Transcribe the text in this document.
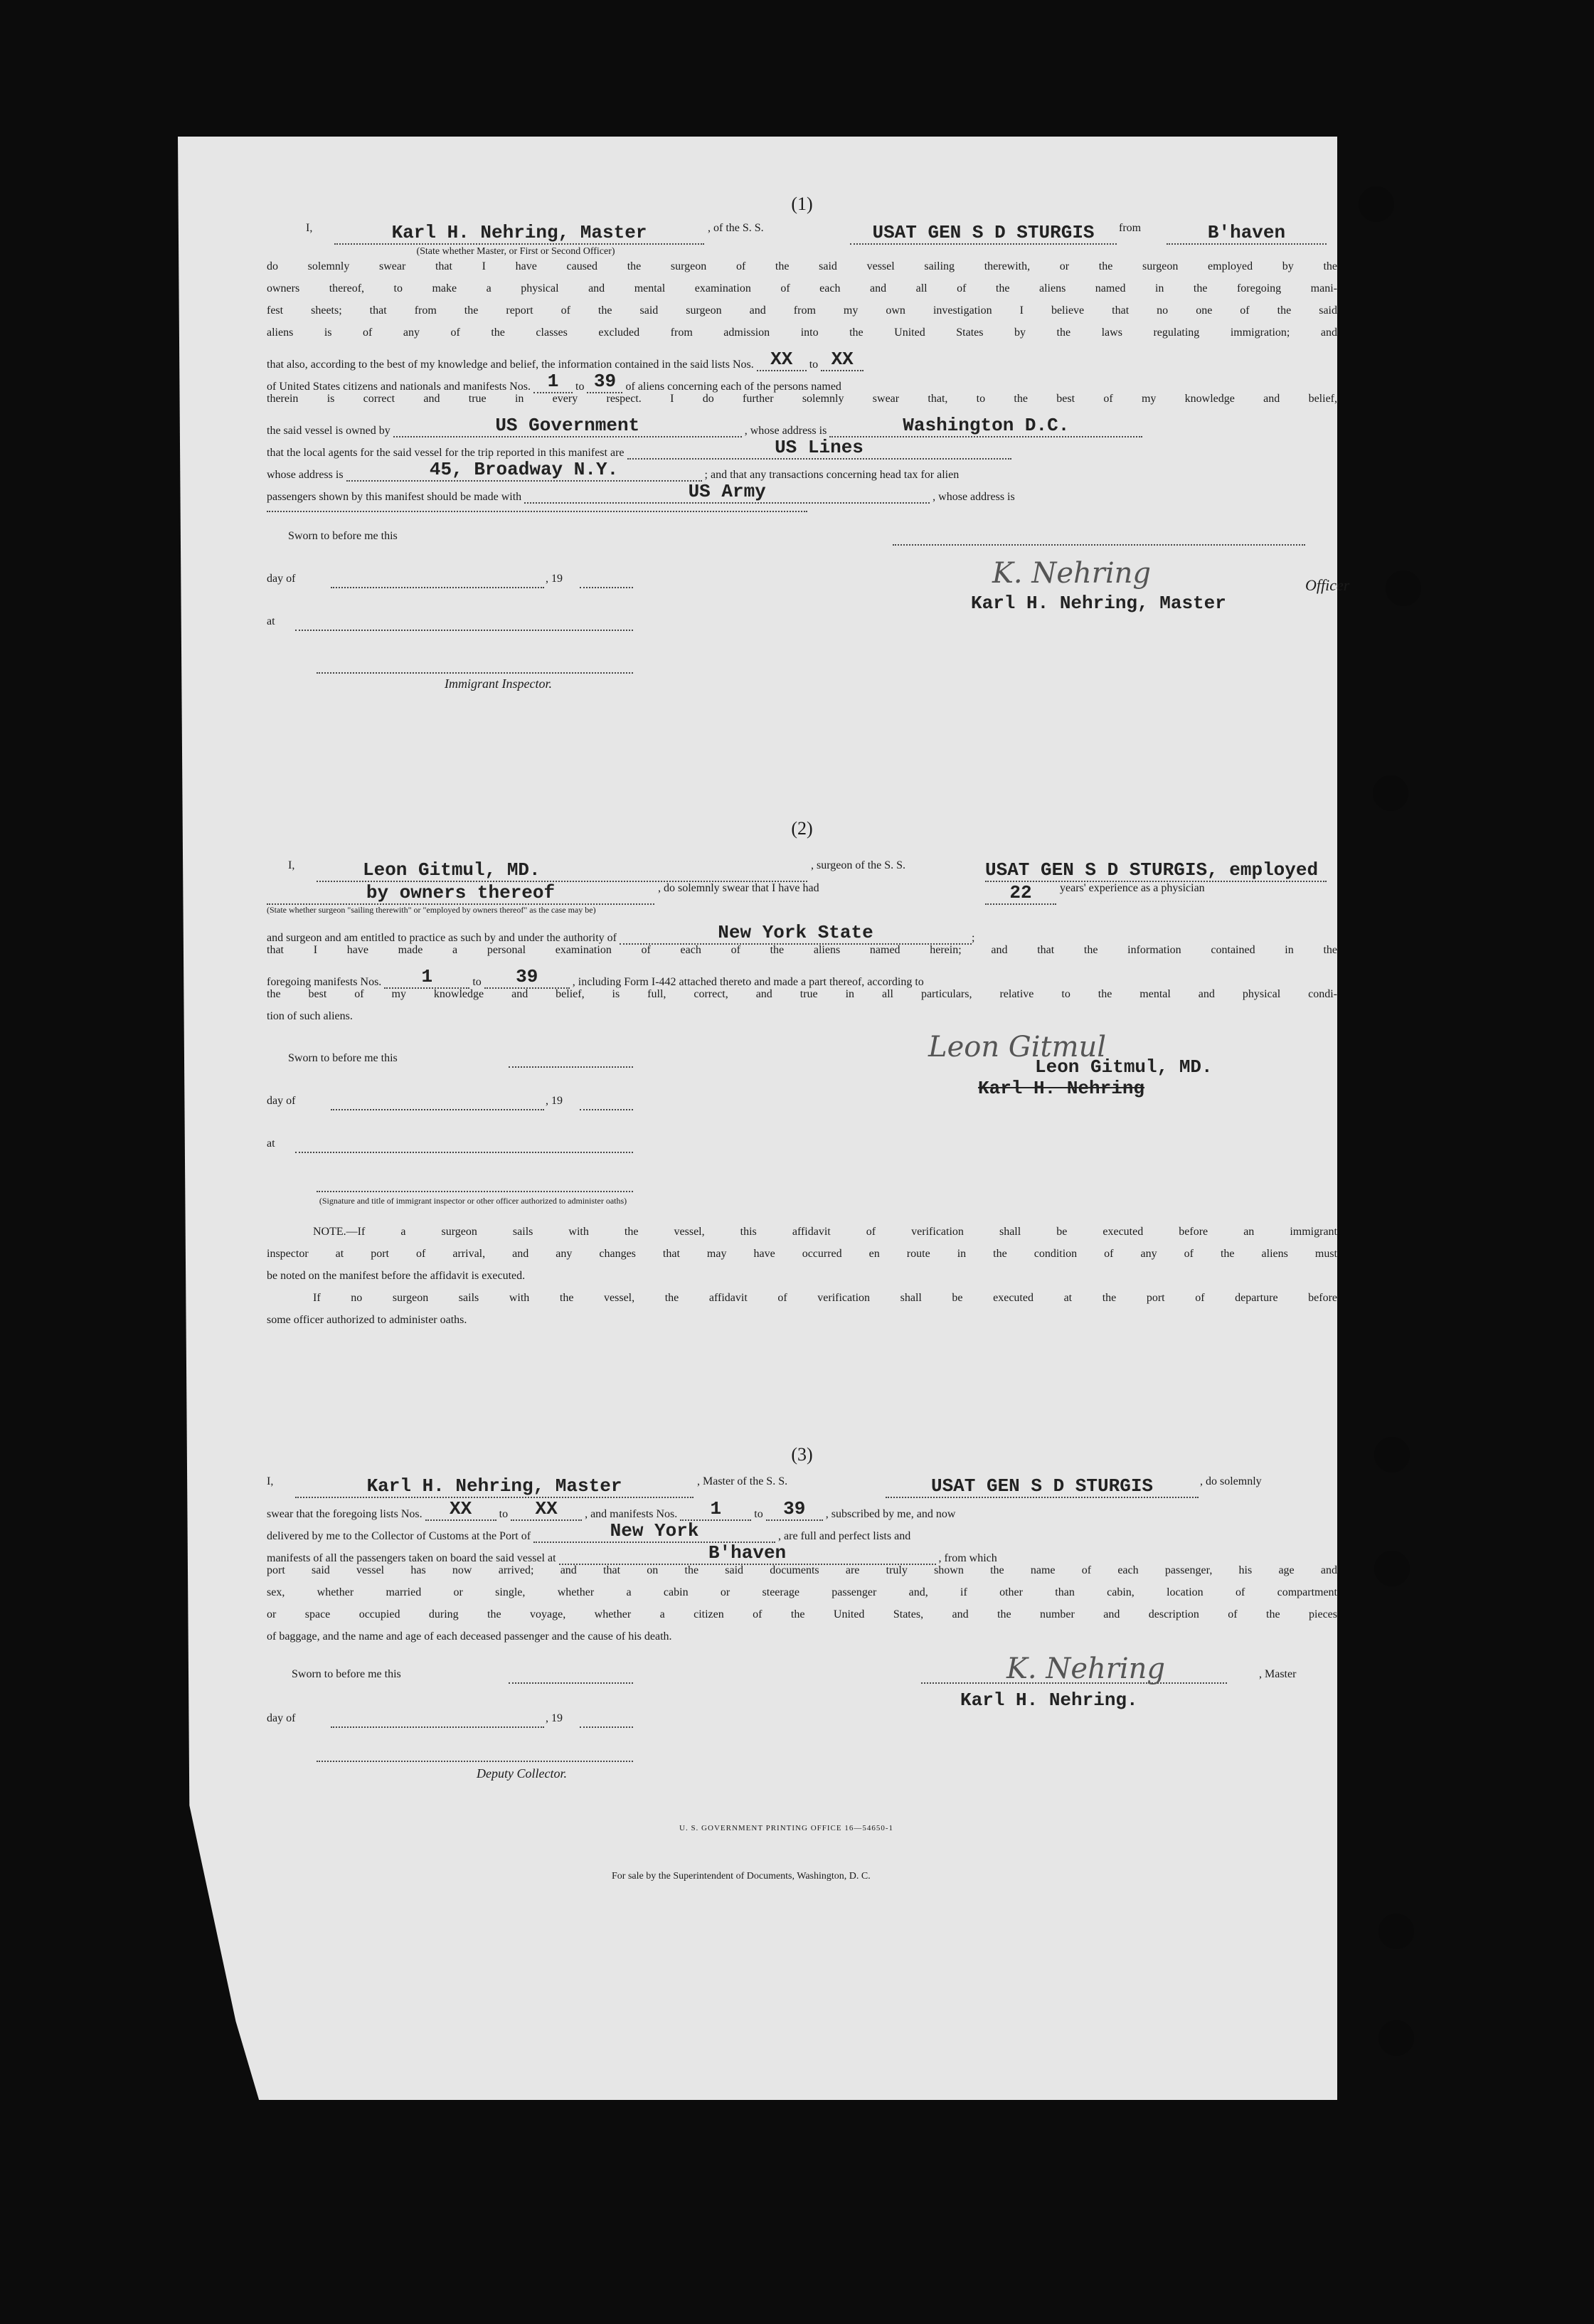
(1)
I,	Karl H. Nehring, Master	, of the S. S.	USAT GEN S D STURGIS	from	B'haven
(State whether Master, or First or Second Officer)
do solemnly swear that I have caused the surgeon of the said vessel sailing therewith, or the surgeon employed by the
owners thereof, to make a physical and mental examination of each and all of the aliens named in the foregoing mani-
fest sheets; that from the report of the said surgeon and from my own investigation I believe that no one of the said
aliens is of any of the classes excluded from admission into the United States by the laws regulating immigration; and
that also, according to the best of my knowledge and belief, the information contained in the said lists Nos. XX to XX
of United States citizens and nationals and manifests Nos. 1 to 39 of aliens concerning each of the persons named
therein is correct and true in every respect. I do further solemnly swear that, to the best of my knowledge and belief,
the said vessel is owned by	US Government	, whose address is	Washington D.C.
that the local agents for the said vessel for the trip reported in this manifest are	US Lines
whose address is	45, Broadway N.Y.	; and that any transactions concerning head tax for alien
passengers shown by this manifest should be made with	US Army	, whose address is
Sworn to before me this
day of	, 19	K. Nehring	Officer
Karl H. Nehring, Master
at
Immigrant Inspector.
(2)
I,	Leon Gitmul, MD.	, surgeon of the S. S.	USAT GEN S D STURGIS, employed
by owners thereof	, do solemnly swear that I have had	22	years' experience as a physician
(State whether surgeon "sailing therewith" or "employed by owners thereof" as the case may be)
and surgeon and am entitled to practice as such by and under the authority of	New York State	;
that I have made a personal examination of each of the aliens named herein; and that the information contained in the
foregoing manifests Nos. 1	to 39	, including Form I-442 attached thereto and made a part thereof, according to
the best of my knowledge and belief, is full, correct, and true in all particulars, relative to the mental and physical condi-
tion of such aliens.
Sworn to before me this	Leon Gitmul
Leon Gitmul, MD.
Karl H. Nehring
day of	, 19
at
(Signature and title of immigrant inspector or other officer authorized to administer oaths)
NOTE.—If a surgeon sails with the vessel, this affidavit of verification shall be executed before an immigrant
inspector at port of arrival, and any changes that may have occurred en route in the condition of any of the aliens must
be noted on the manifest before the affidavit is executed.
If no surgeon sails with the vessel, the affidavit of verification shall be executed at the port of departure before
some officer authorized to administer oaths.
(3)
I,	Karl H. Nehring, Master	, Master of the S. S.	USAT GEN S D STURGIS	, do solemnly
swear that the foregoing lists Nos. XX to XX , and manifests Nos. 1	to 39 , subscribed by me, and now
delivered by me to the Collector of Customs at the Port of	New York	, are full and perfect lists and
manifests of all the passengers taken on board the said vessel at	B'haven	, from which
port said vessel has now arrived; and that on the said documents are truly shown the name of each passenger, his age and
sex, whether married or single, whether a cabin or steerage passenger and, if other than cabin, location of compartment
or space occupied during the voyage, whether a citizen of the United States, and the number and description of the pieces
of baggage, and the name and age of each deceased passenger and the cause of his death.
Sworn to before me this	K. Nehring	, Master
Karl H. Nehring.
day of	, 19
Deputy Collector.
U. S. GOVERNMENT PRINTING OFFICE 16—54650-1
For sale by the Superintendent of Documents, Washington, D. C.
